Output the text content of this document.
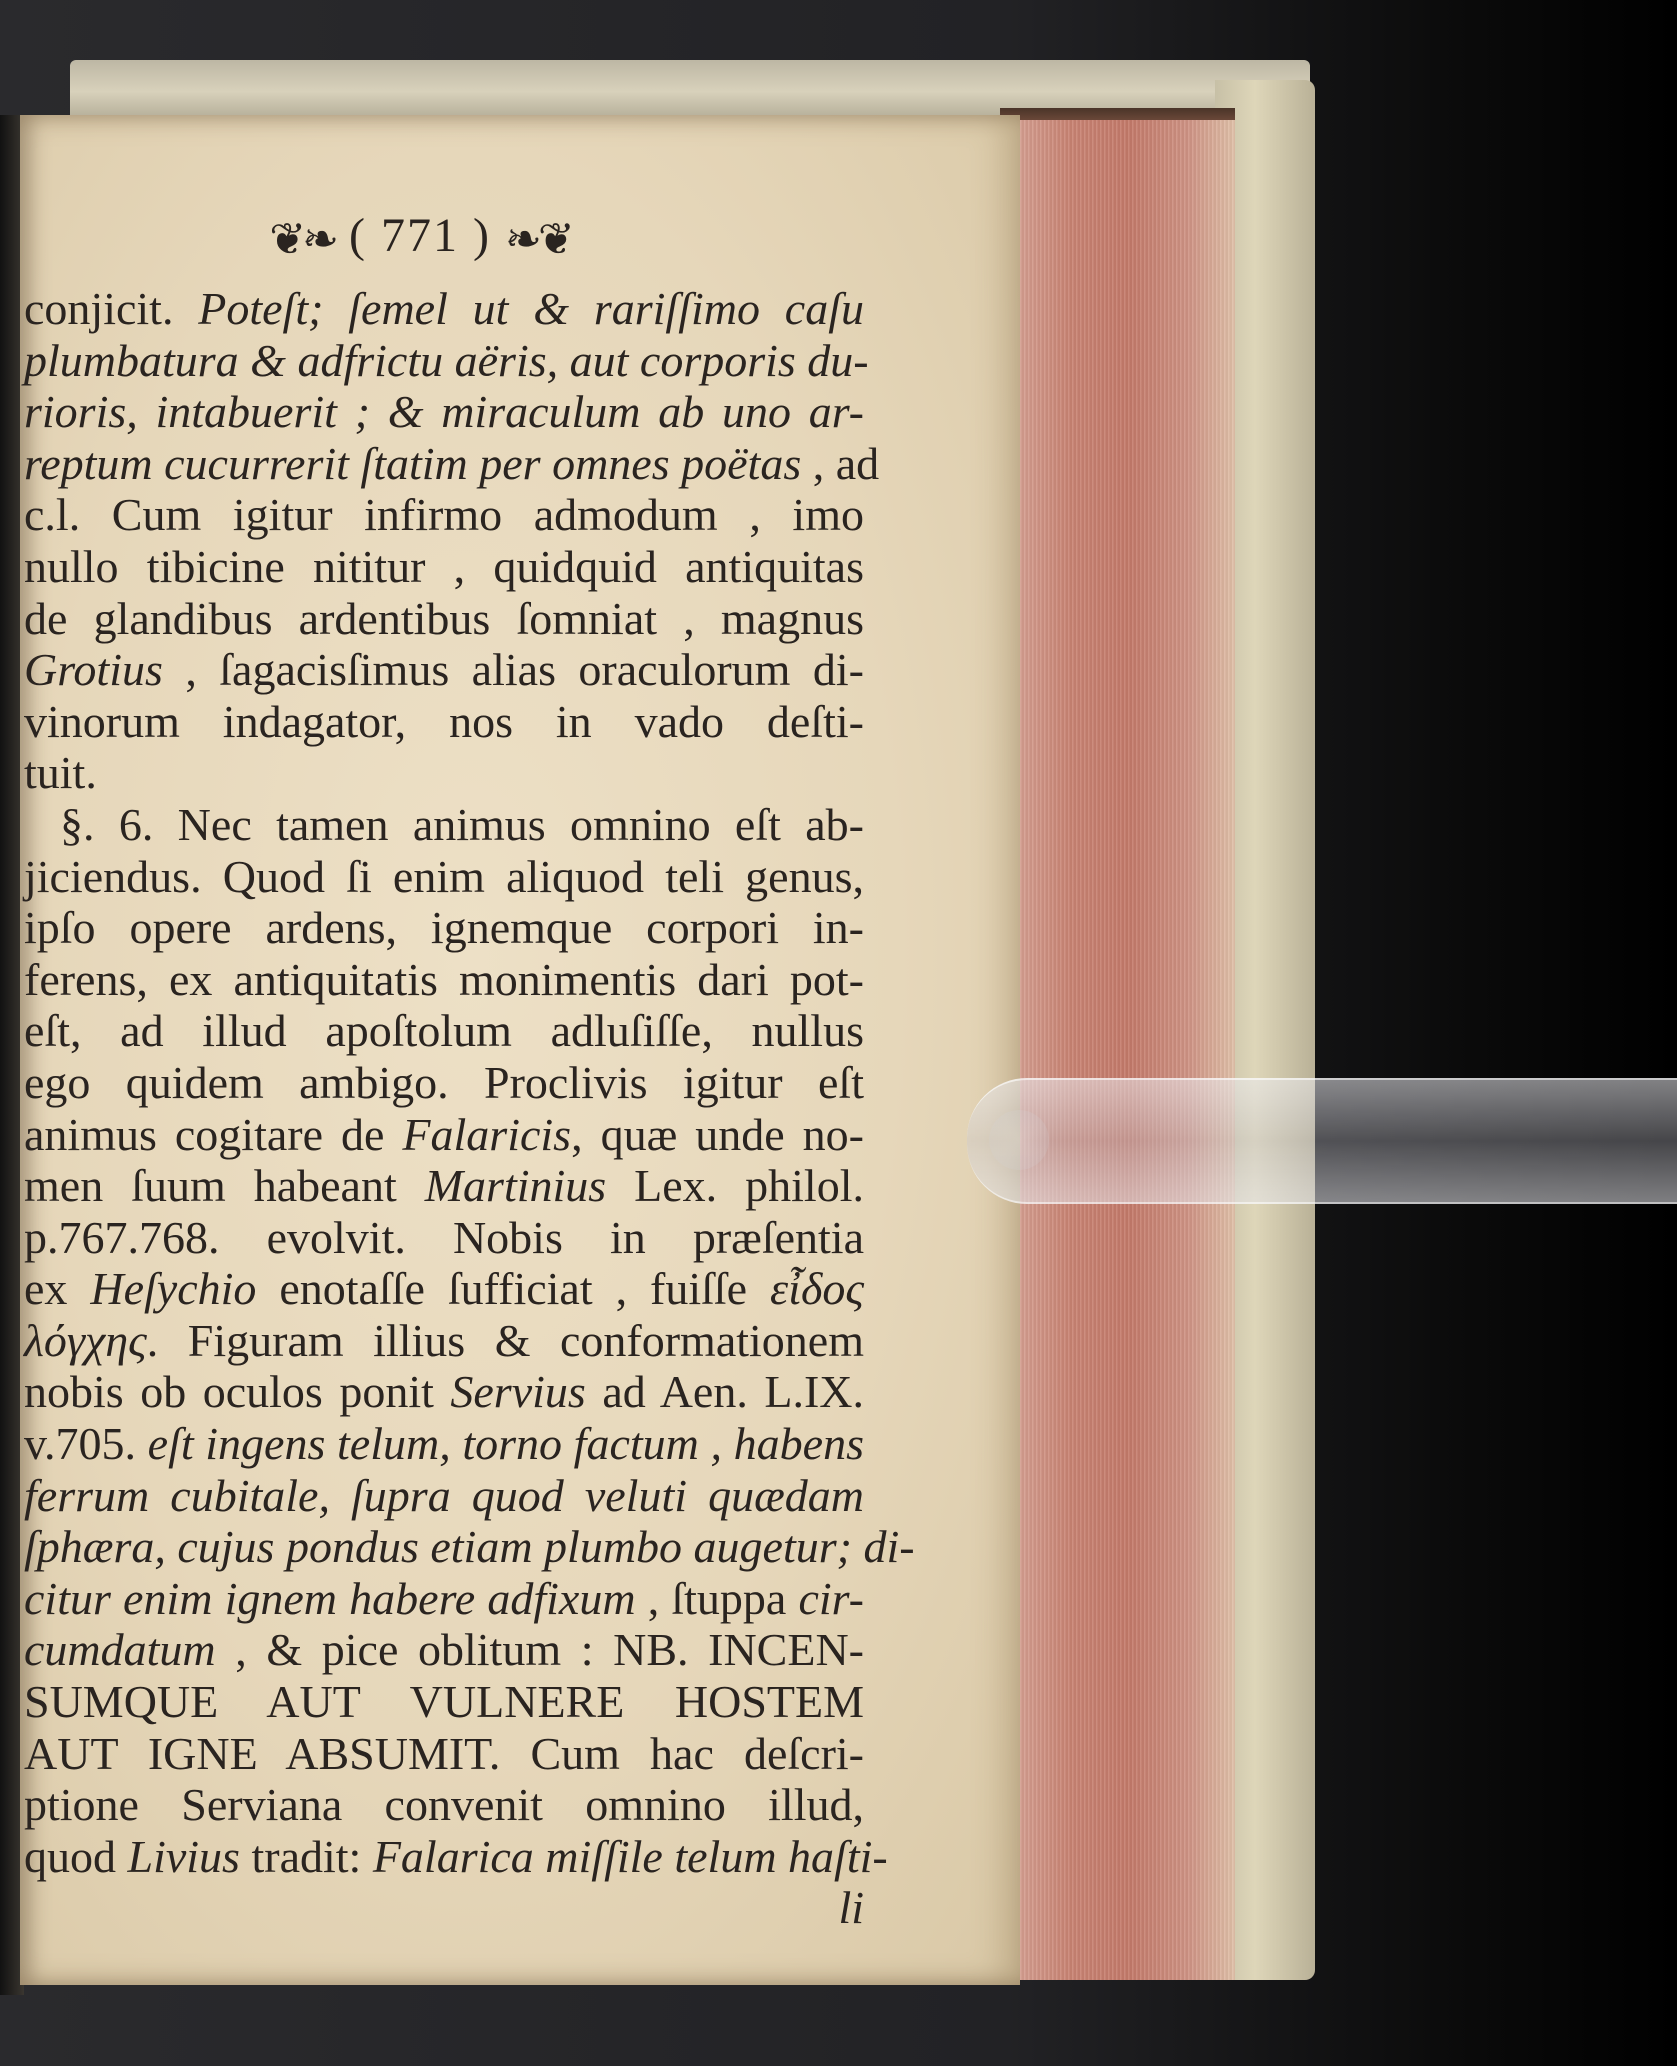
❦❧ ( 771 ) ❧❦
conjicit. Poteſt; ſemel ut & rariſſimo caſu
plumbatura & adfrictu aëris, aut corporis du-
rioris, intabuerit ; & miraculum ab uno ar-
reptum cucurrerit ſtatim per omnes poëtas , ad
c.l. Cum igitur infirmo admodum , imo
nullo tibicine nititur , quidquid antiquitas
de glandibus ardentibus ſomniat , magnus
Grotius , ſagacisſimus alias oraculorum di-
vinorum indagator, nos in vado deſti-
tuit.
§. 6. Nec tamen animus omnino eſt ab-
jiciendus. Quod ſi enim aliquod teli genus,
ipſo opere ardens, ignemque corpori in-
ferens, ex antiquitatis monimentis dari pot-
eſt, ad illud apoſtolum adluſiſſe, nullus
ego quidem ambigo. Proclivis igitur eſt
animus cogitare de Falaricis, quæ unde no-
men ſuum habeant Martinius Lex. philol.
p.767.768. evolvit. Nobis in præſentia
ex Heſychio enotaſſe ſufficiat , fuiſſe εἶδος
λόγχης. Figuram illius & conformationem
nobis ob oculos ponit Servius ad Aen. L.IX.
v.705. eſt ingens telum, torno factum , habens
ferrum cubitale, ſupra quod veluti quædam
ſphæra, cujus pondus etiam plumbo augetur; di-
citur enim ignem habere adfixum , ſtuppa cir-
cumdatum , & pice oblitum : NB. INCEN-
SUMQUE AUT VULNERE HOSTEM
AUT IGNE ABSUMIT. Cum hac deſcri-
ptione Serviana convenit omnino illud,
quod Livius tradit: Falarica miſſile telum haſti-
li
